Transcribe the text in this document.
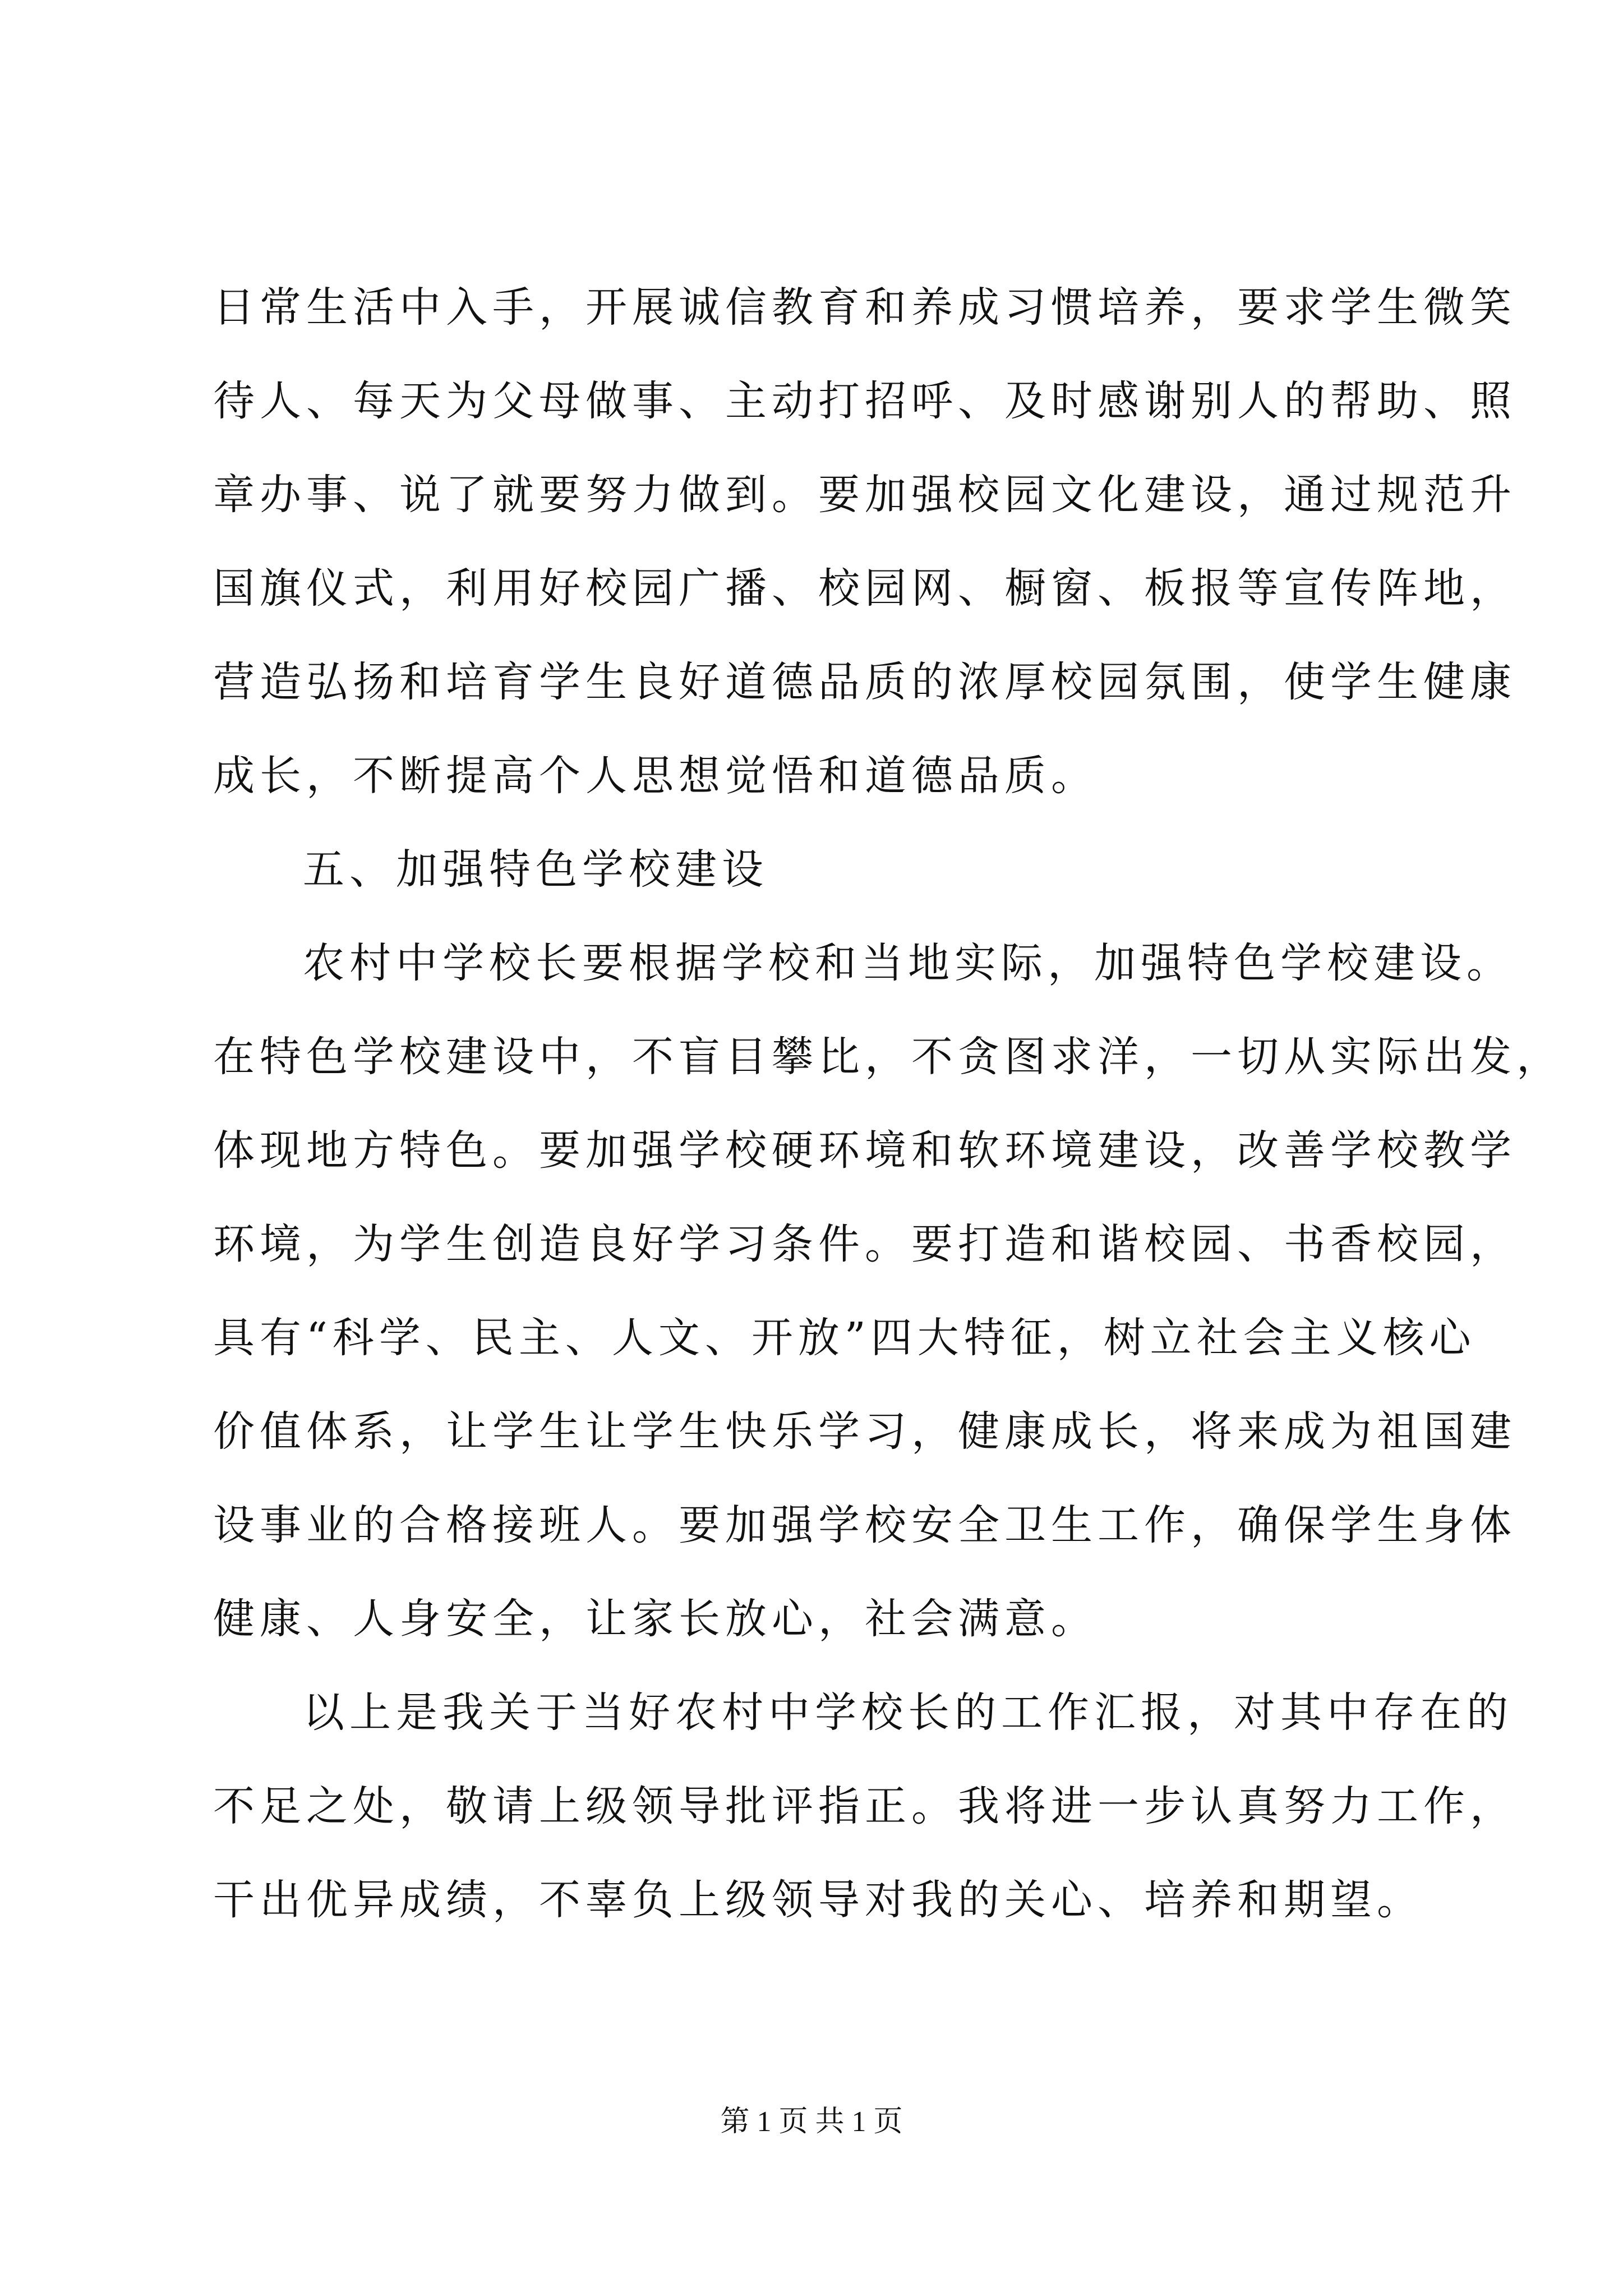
日常生活中入手，开展诚信教育和养成习惯培养，要求学生微笑
待人、每天为父母做事、主动打招呼、及时感谢别人的帮助、照
章办事、说了就要努力做到。要加强校园文化建设，通过规范升
国旗仪式，利用好校园广播、校园网、橱窗、板报等宣传阵地，
营造弘扬和培育学生良好道德品质的浓厚校园氛围，使学生健康
成长，不断提高个人思想觉悟和道德品质。
五、加强特色学校建设
农村中学校长要根据学校和当地实际，加强特色学校建设。
在特色学校建设中，不盲目攀比，不贪图求洋，一切从实际出发，
体现地方特色。要加强学校硬环境和软环境建设，改善学校教学
环境，为学生创造良好学习条件。要打造和谐校园、书香校园，
具有“科学、民主、人文、开放”四大特征，树立社会主义核心
价值体系，让学生让学生快乐学习，健康成长，将来成为祖国建
设事业的合格接班人。要加强学校安全卫生工作，确保学生身体
健康、人身安全，让家长放心，社会满意。
以上是我关于当好农村中学校长的工作汇报，对其中存在的
不足之处，敬请上级领导批评指正。我将进一步认真努力工作，
干出优异成绩，不辜负上级领导对我的关心、培养和期望。
第 1 页 共 1 页
